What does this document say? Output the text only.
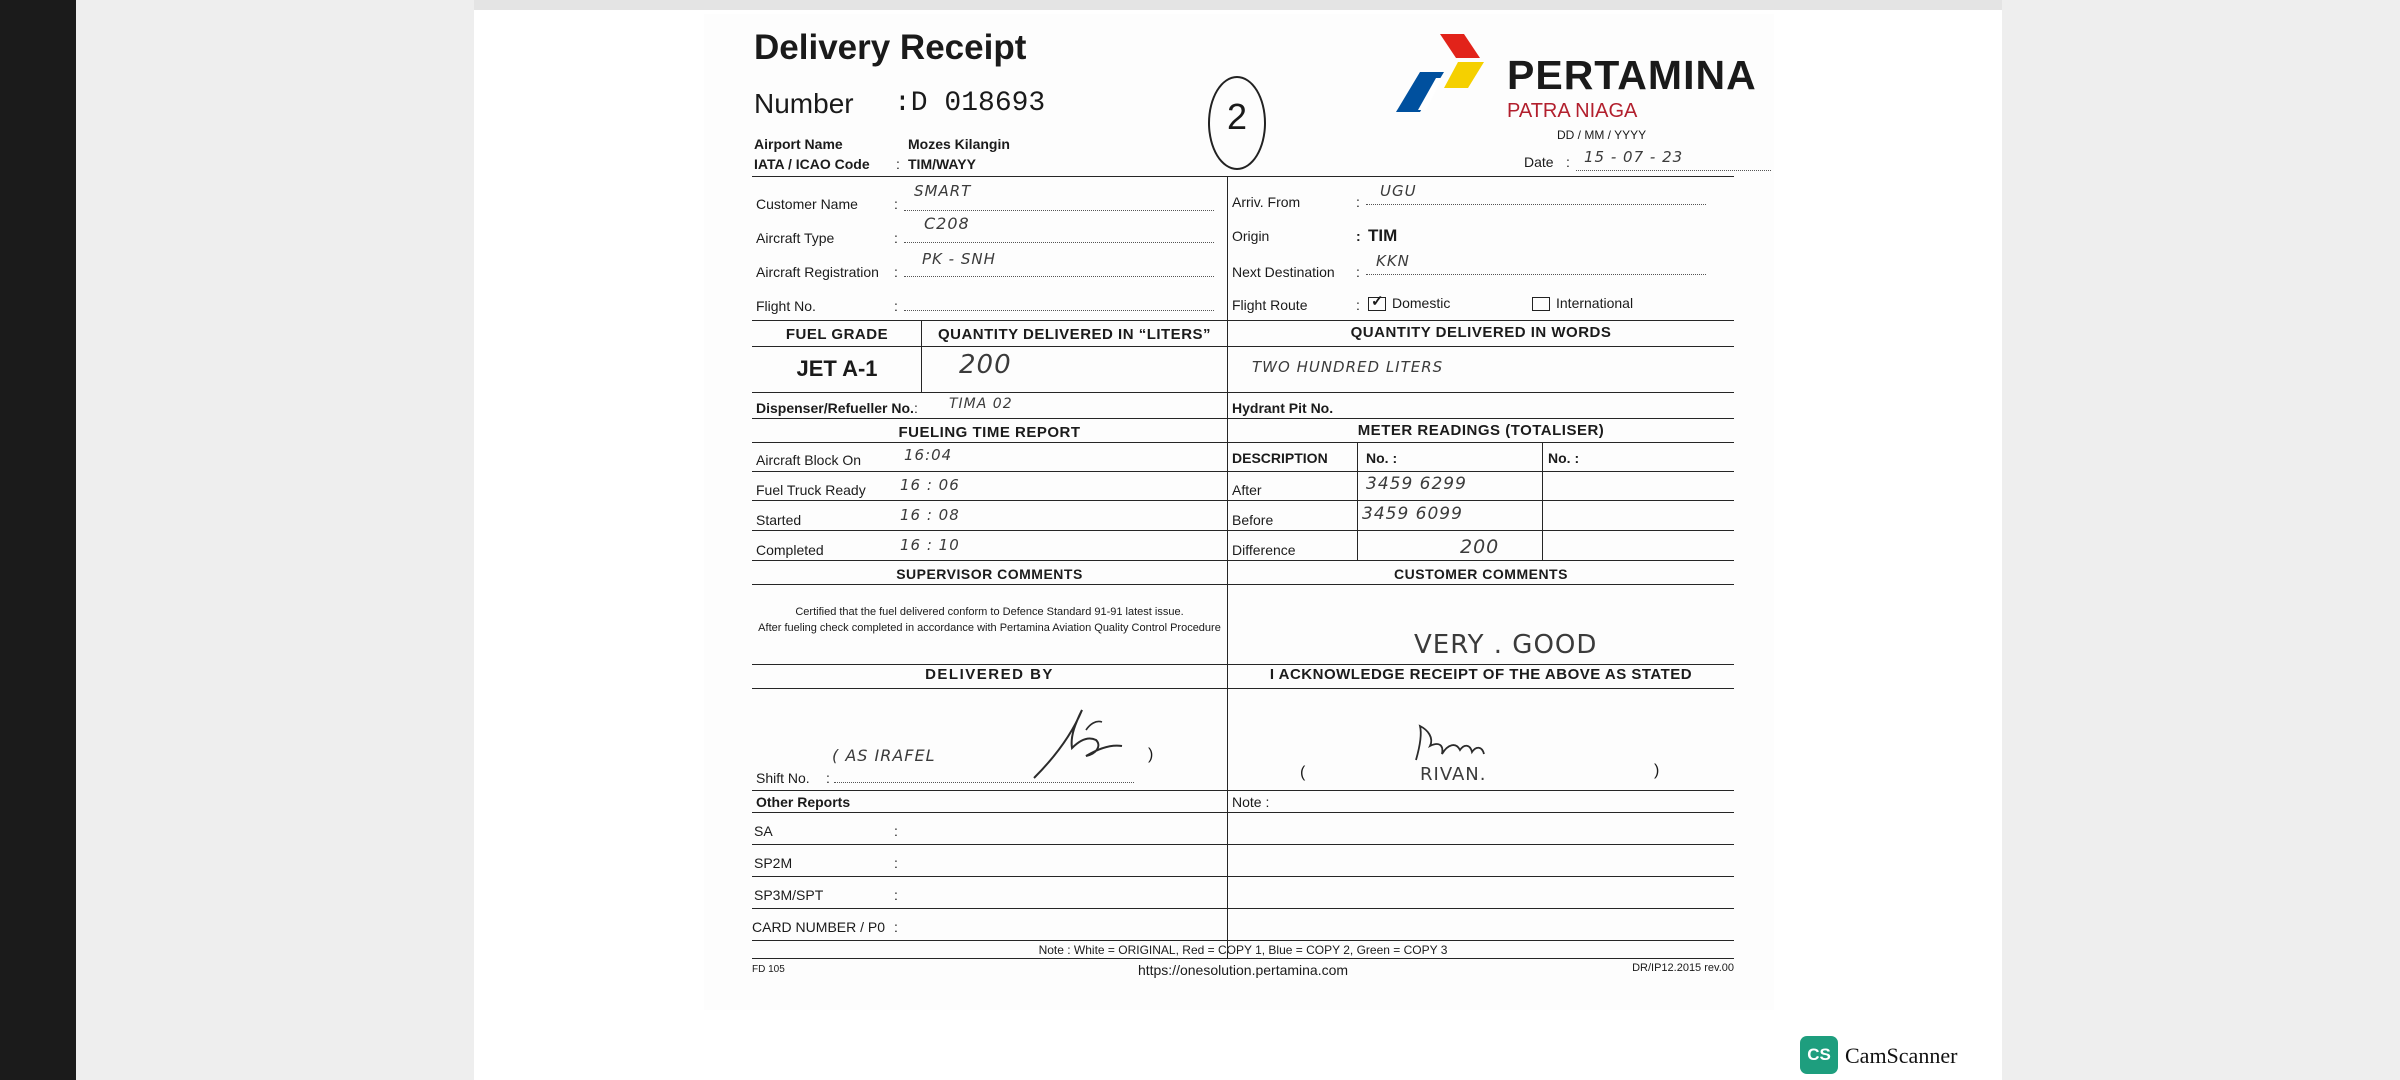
Delivery Receipt
Number :D 018693	2
PERTAMINA
PATRA NIAGA
DD / MM / YYYY
Date : 15 - 07 - 23
Airport Name	Mozes Kilangin
IATA / ICAO Code : TIM/WAYY
Customer Name	:
SMART
Aircraft Type	:
C208
Aircraft Registration :
PK - SNH
Flight No.	:
Arriv. From	:
UGU
Origin	: TIM
Next Destination :
KKN
Flight Route	: ✓ Domestic	International
FUEL GRADE	QUANTITY DELIVERED IN “LITERS”	QUANTITY DELIVERED IN WORDS
JET A-1	200	TWO HUNDRED LITERS
Dispenser/Refueller No. : TIMA 02	Hydrant Pit No.
FUELING TIME REPORT	METER READINGS (TOTALISER)
Aircraft Block On	16:04
Fuel Truck Ready 16 : 06
Started	16 : 08
Completed	16 : 10
DESCRIPTION	No. :	No. :
After	3459 6299
Before	3459 6099
Difference	200
SUPERVISOR COMMENTS	CUSTOMER COMMENTS
Certified that the fuel delivered conform to Defence Standard 91-91 latest issue.
After fueling check completed in accordance with Pertamina Aviation Quality Control Procedure
VERY . GOOD
DELIVERED BY	I ACKNOWLEDGE RECEIPT OF THE ABOVE AS STATED
( AS IRAFEL	)
Shift No. :	(	)
RIVAN.
Other Reports	Note :
SA	:
SP2M	:
SP3M/SPT	:
CARD NUMBER / P0 :
Note : White = ORIGINAL, Red = COPY 1, Blue = COPY 2, Green = COPY 3
FD 105	https://onesolution.pertamina.com	DR/IP12.2015 rev.00
CS CamScanner
